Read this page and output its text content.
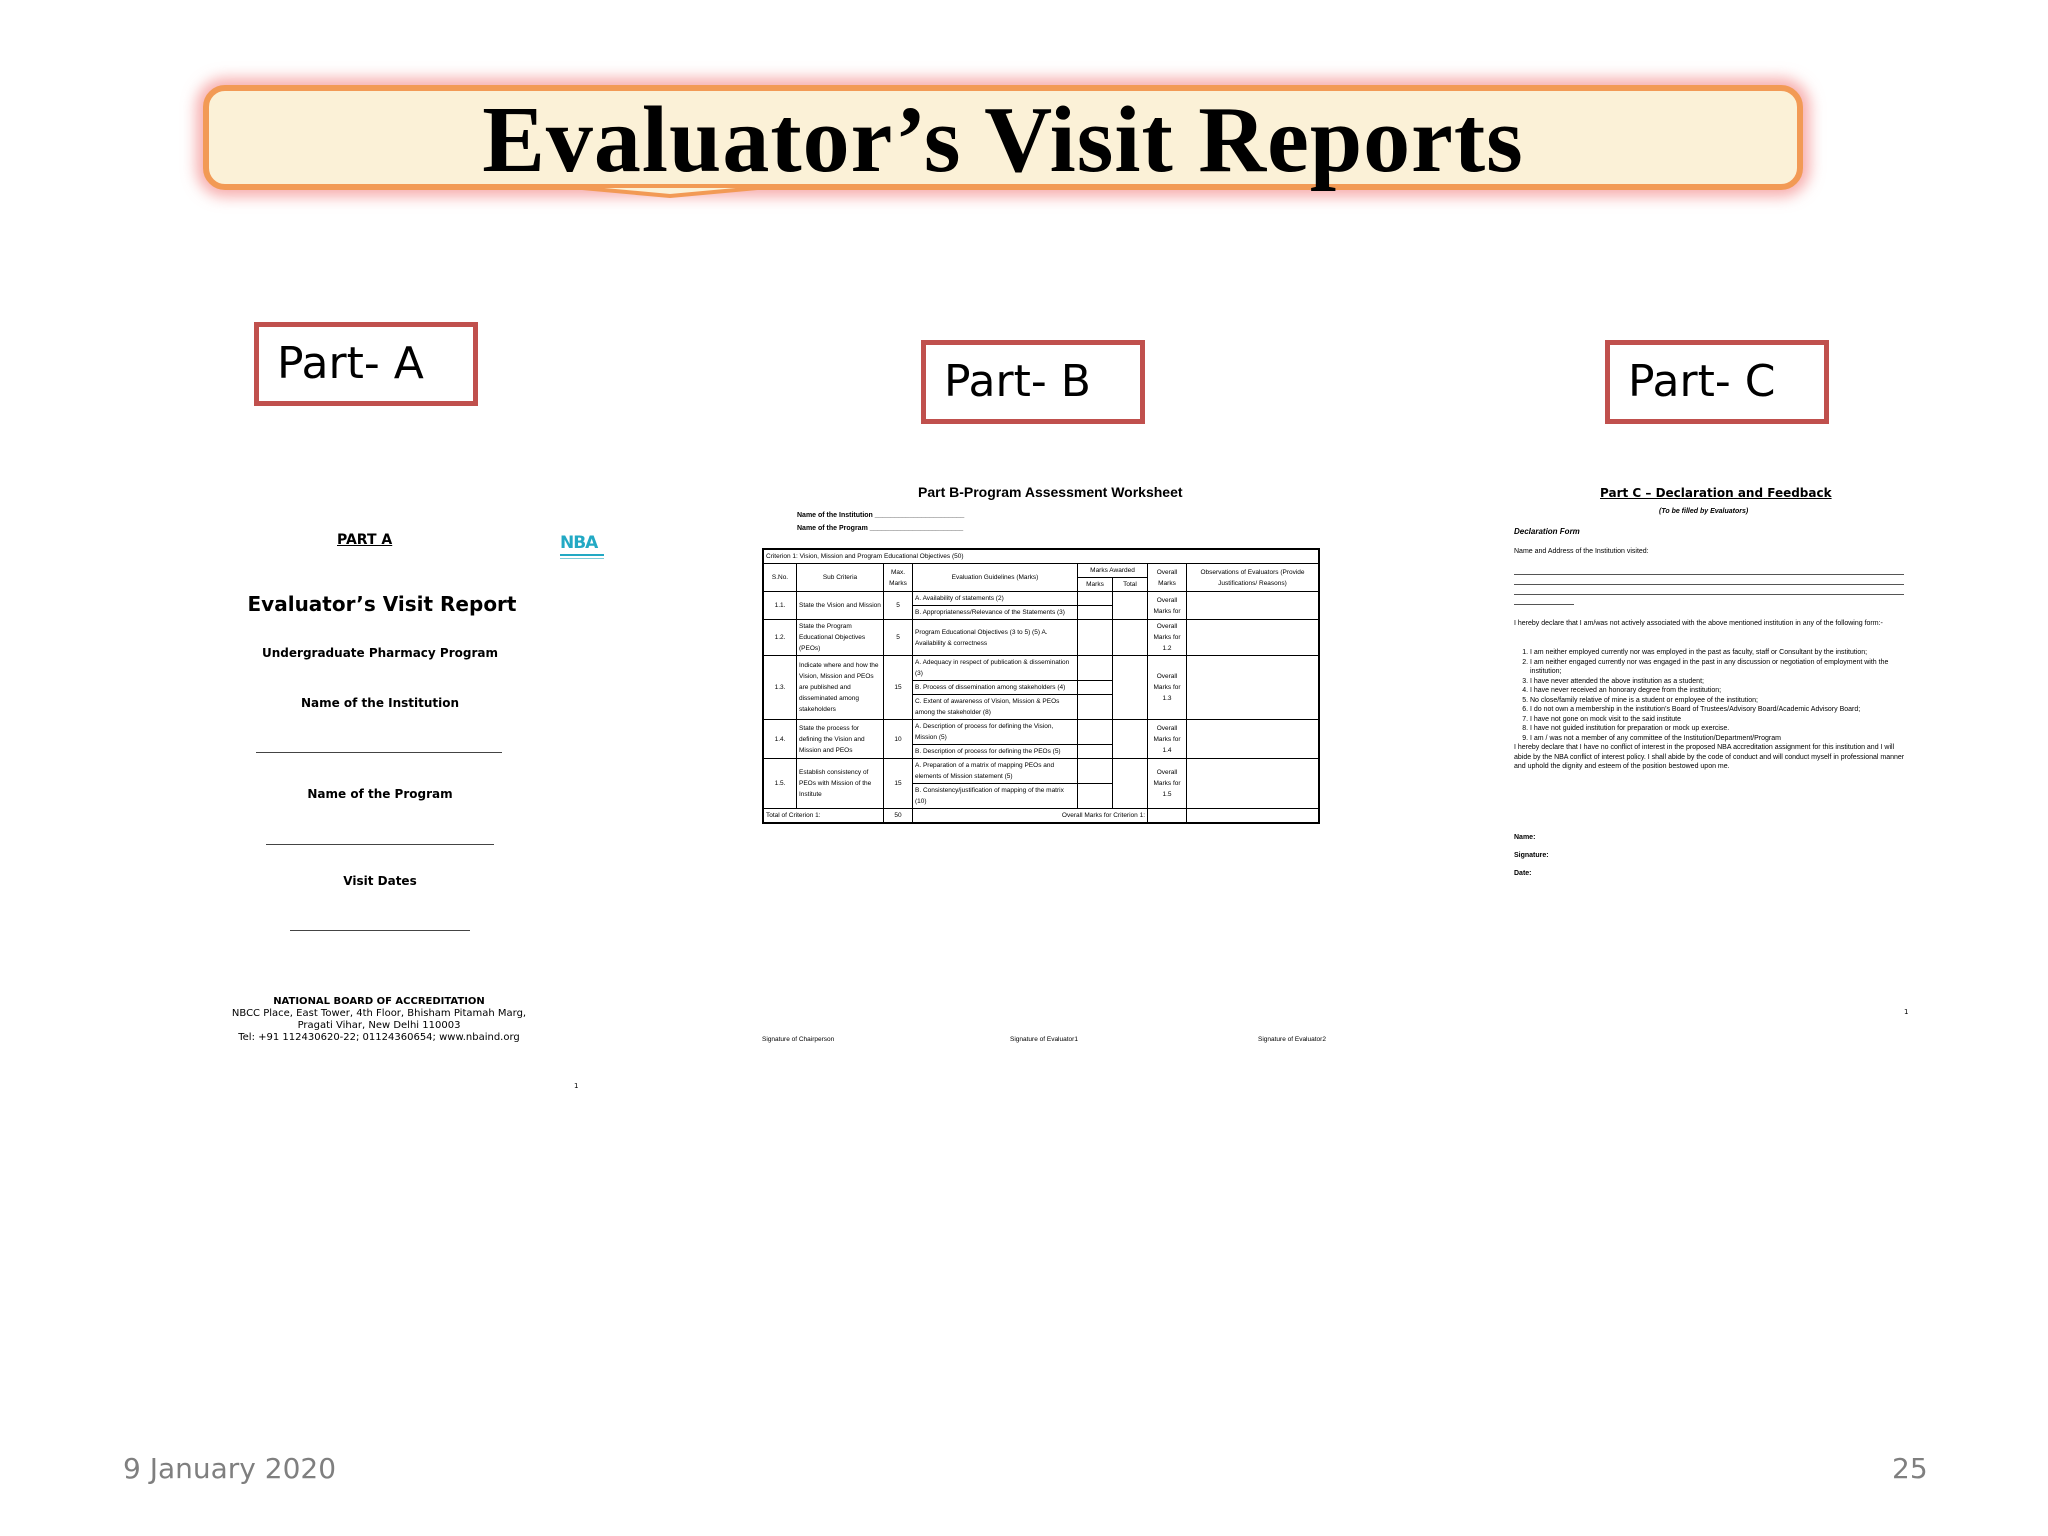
Evaluator’s Visit Reports
Part- A	Part- B	Part- C
PART A	NBA
Evaluator’s Visit Report
Undergraduate Pharmacy Program
Name of the Institution
Name of the Program
Visit Dates
NATIONAL BOARD OF ACCREDITATION
NBCC Place, East Tower, 4th Floor, Bhisham Pitamah Marg,
Pragati Vihar, New Delhi 110003
Tel: +91 112430620-22; 01124360654; www.nbaind.org
1
Part B-Program Assessment Worksheet
Name of the Institution _______________________
Name of the Program ________________________
Criterion 1: Vision, Mission and Program Educational Objectives (50)							
S.No.	Sub Criteria	Max. Marks	Evaluation Guidelines (Marks)	Marks Awarded		Overall Marks	Observations of Evaluators (Provide Justifications/ Reasons)
				Marks	Total		
1.1.	State the Vision and Mission	5	A. Availability of statements (2)			Overall Marks for	
			B. Appropriateness/Relevance of the Statements (3)				
1.2.	State the Program Educational Objectives (PEOs)	5	Program Educational Objectives (3 to 5) (5) A. Availability & correctness			Overall Marks for 1.2	
1.3.	Indicate where and how the Vision, Mission and PEOs are published and disseminated among stakeholders	15	A. Adequacy in respect of publication & dissemination (3)			Overall Marks for 1.3	
			B. Process of dissemination among stakeholders (4)				
			C. Extent of awareness of Vision, Mission & PEOs among the stakeholder (8)				
1.4.	State the process for defining the Vision and Mission and PEOs	10	A. Description of process for defining the Vision, Mission (5)			Overall Marks for 1.4	
			B. Description of process for defining the PEOs (5)				
1.5.	Establish consistency of PEOs with Mission of the Institute	15	A. Preparation of a matrix of mapping PEOs and elements of Mission statement (5)			Overall Marks for 1.5	
			B. Consistency/justification of mapping of the matrix (10)				
Total of Criterion 1:		50	Overall Marks for Criterion 1:				
Signature of Chairperson	Signature of Evaluator1	Signature of Evaluator2
Part C – Declaration and Feedback
(To be filled by Evaluators)
Declaration Form
Name and Address of the Institution visited:
I hereby declare that I am/was not actively associated with the above mentioned institution in any of the following form:-
1. I am neither employed currently nor was employed in the past as faculty, staff or Consultant by the institution;
2. I am neither engaged currently nor was engaged in the past in any discussion or negotiation of employment with the institution;
3. I have never attended the above institution as a student;
4. I have never received an honorary degree from the institution;
5. No close/family relative of mine is a student or employee of the institution;
6. I do not own a membership in the institution’s Board of Trustees/Advisory Board/Academic Advisory Board;
7. I have not gone on mock visit to the said institute
8. I have not guided institution for preparation or mock up exercise.
9. I am / was not a member of any committee of the Institution/Department/Program
I hereby declare that I have no conflict of interest in the proposed NBA accreditation assignment for this institution and I will abide by the NBA conflict of interest policy. I shall abide by the code of conduct and will conduct myself in professional manner and uphold the dignity and esteem of the position bestowed upon me.
Name:
Signature:
Date:
1
9 January 2020	25
